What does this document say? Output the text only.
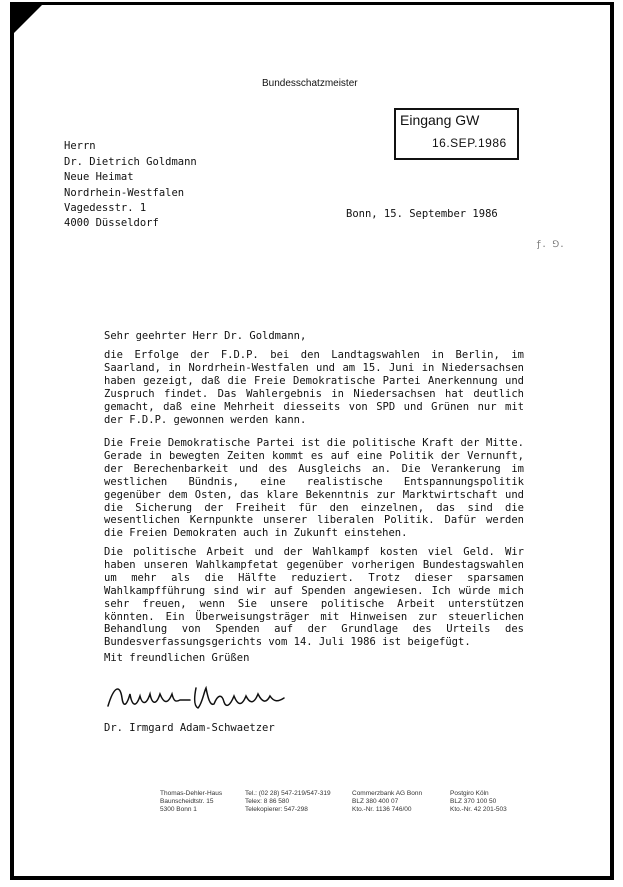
Bundesschatzmeister
Eingang GW
16.SEP.1986
Herrn
Dr. Dietrich Goldmann
Neue Heimat
Nordrhein-Westfalen
Vagedesstr. 1
4000 Düsseldorf
Bonn, 15. September 1986
ƒ. ⅁.
Sehr geehrter Herr Dr. Goldmann,
die Erfolge der F.D.P. bei den Landtagswahlen in Berlin, im Saarland, in Nordrhein-Westfalen und am 15. Juni in Niedersachsen haben gezeigt, daß die Freie Demokratische Partei Anerkennung und Zuspruch findet. Das Wahlergebnis in Niedersachsen hat deutlich gemacht, daß eine Mehrheit diesseits von SPD und Grünen nur mit der F.D.P. gewonnen werden kann.
Die Freie Demokratische Partei ist die politische Kraft der Mitte. Gerade in bewegten Zeiten kommt es auf eine Politik der Vernunft, der Berechenbarkeit und des Ausgleichs an. Die Verankerung im westlichen Bündnis, eine realistische Entspannungspolitik gegenüber dem Osten, das klare Bekenntnis zur Marktwirtschaft und die Sicherung der Freiheit für den einzelnen, das sind die wesentlichen Kernpunkte unserer liberalen Politik. Dafür werden die Freien Demokraten auch in Zukunft einstehen.
Die politische Arbeit und der Wahlkampf kosten viel Geld. Wir haben unseren Wahlkampfetat gegenüber vorherigen Bundestagswahlen um mehr als die Hälfte reduziert. Trotz dieser sparsamen Wahlkampfführung sind wir auf Spenden angewiesen. Ich würde mich sehr freuen, wenn Sie unsere politische Arbeit unterstützen könnten. Ein Überweisungsträger mit Hinweisen zur steuerlichen Behandlung von Spenden auf der Grundlage des Urteils des Bundesverfassungsgerichts vom 14. Juli 1986 ist beigefügt.
Mit freundlichen Grüßen
Dr. Irmgard Adam-Schwaetzer
Thomas-Dehler-Haus
Baunscheidtstr. 15
5300 Bonn 1
Tel.: (02 28) 547-219/547-319
Telex: 8 86 580
Telekopierer: 547-298
Commerzbank AG Bonn
BLZ 380 400 07
Kto.-Nr. 1136 746/00
Postgiro Köln
BLZ 370 100 50
Kto.-Nr. 42 201-503
